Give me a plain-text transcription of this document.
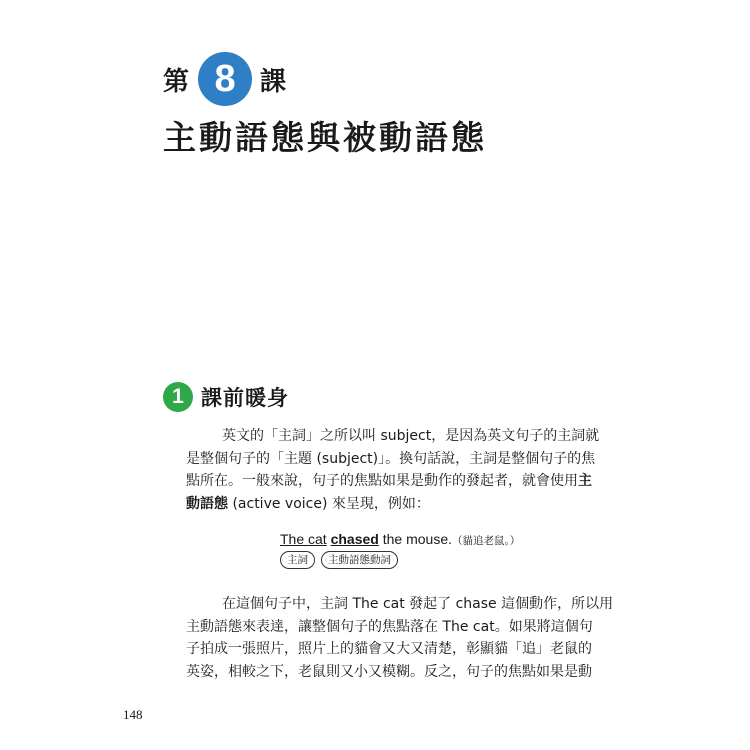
第 8 課
主動語態與被動語態
1 課前暖身
英文的「主詞」之所以叫 subject，是因為英文句子的主詞就
是整個句子的「主題 (subject)」。換句話說，主詞是整個句子的焦
點所在。一般來說，句子的焦點如果是動作的發起者，就會使用主
動語態 (active voice) 來呈現，例如：
The cat chased the mouse.（貓追老鼠。）
主詞	主動語態動詞
在這個句子中，主詞 The cat 發起了 chase 這個動作，所以用
主動語態來表達，讓整個句子的焦點落在 The cat。如果將這個句
子拍成一張照片，照片上的貓會又大又清楚，彰顯貓「追」老鼠的
英姿，相較之下，老鼠則又小又模糊。反之，句子的焦點如果是動
148
